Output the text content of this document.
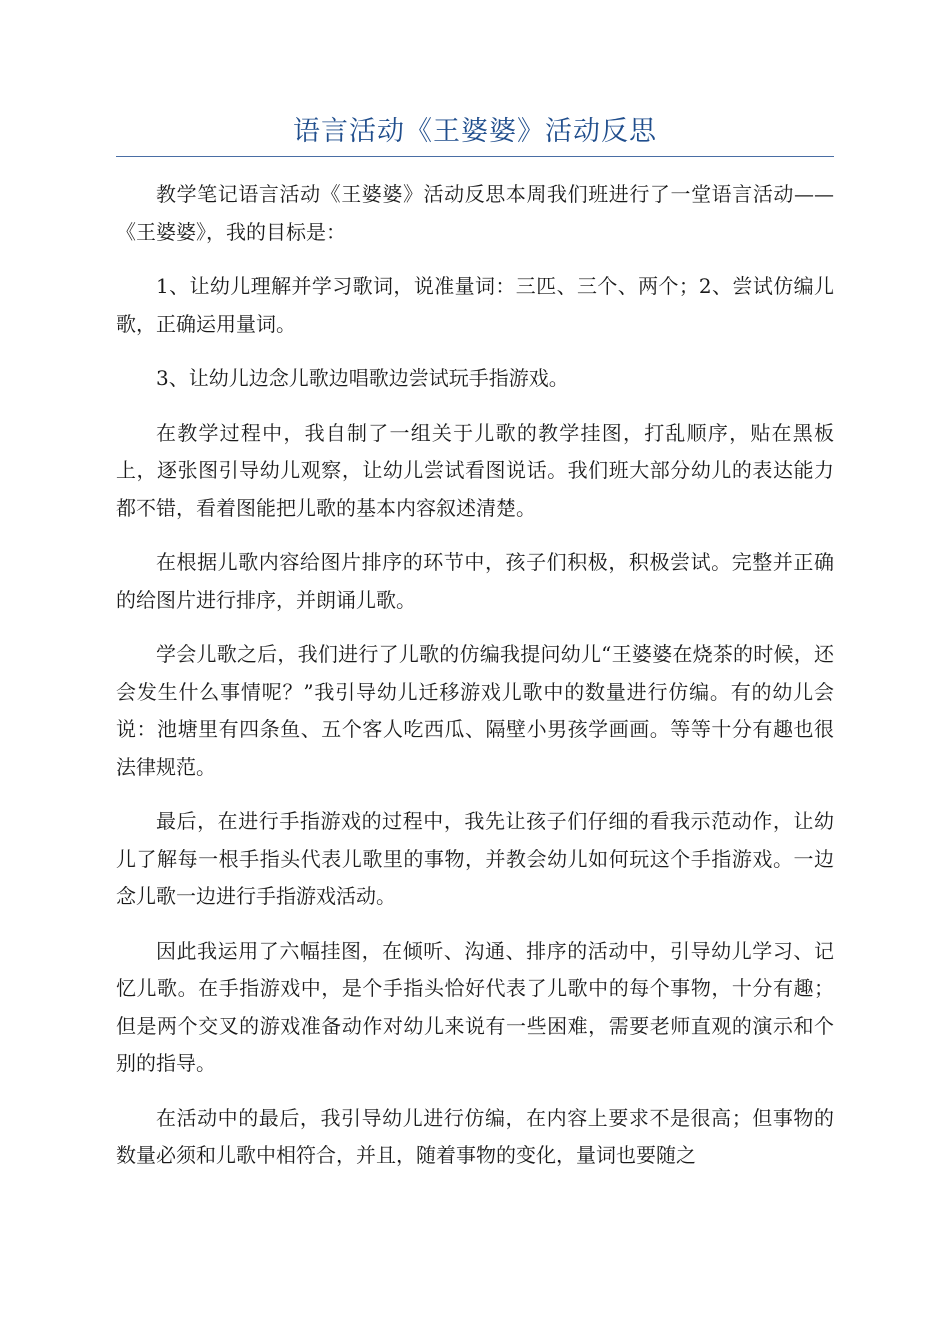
语言活动《王婆婆》活动反思

教学笔记语言活动《王婆婆》活动反思本周我们班进行了一堂语言活动——《王婆婆》，我的目标是：

1、让幼儿理解并学习歌词，说准量词：三匹、三个、两个；2、尝试仿编儿歌，正确运用量词。

3、让幼儿边念儿歌边唱歌边尝试玩手指游戏。

在教学过程中，我自制了一组关于儿歌的教学挂图，打乱顺序，贴在黑板上，逐张图引导幼儿观察，让幼儿尝试看图说话。我们班大部分幼儿的表达能力都不错，看着图能把儿歌的基本内容叙述清楚。

在根据儿歌内容给图片排序的环节中，孩子们积极，积极尝试。完整并正确的给图片进行排序，并朗诵儿歌。

学会儿歌之后，我们进行了儿歌的仿编我提问幼儿“王婆婆在烧茶的时候，还会发生什么事情呢？”我引导幼儿迁移游戏儿歌中的数量进行仿编。有的幼儿会说：池塘里有四条鱼、五个客人吃西瓜、隔壁小男孩学画画。等等十分有趣也很法律规范。

最后，在进行手指游戏的过程中，我先让孩子们仔细的看我示范动作，让幼儿了解每一根手指头代表儿歌里的事物，并教会幼儿如何玩这个手指游戏。一边念儿歌一边进行手指游戏活动。

因此我运用了六幅挂图，在倾听、沟通、排序的活动中，引导幼儿学习、记忆儿歌。在手指游戏中，是个手指头恰好代表了儿歌中的每个事物，十分有趣；但是两个交叉的游戏准备动作对幼儿来说有一些困难，需要老师直观的演示和个别的指导。

在活动中的最后，我引导幼儿进行仿编，在内容上要求不是很高；但事物的数量必须和儿歌中相符合，并且，随着事物的变化，量词也要随之
